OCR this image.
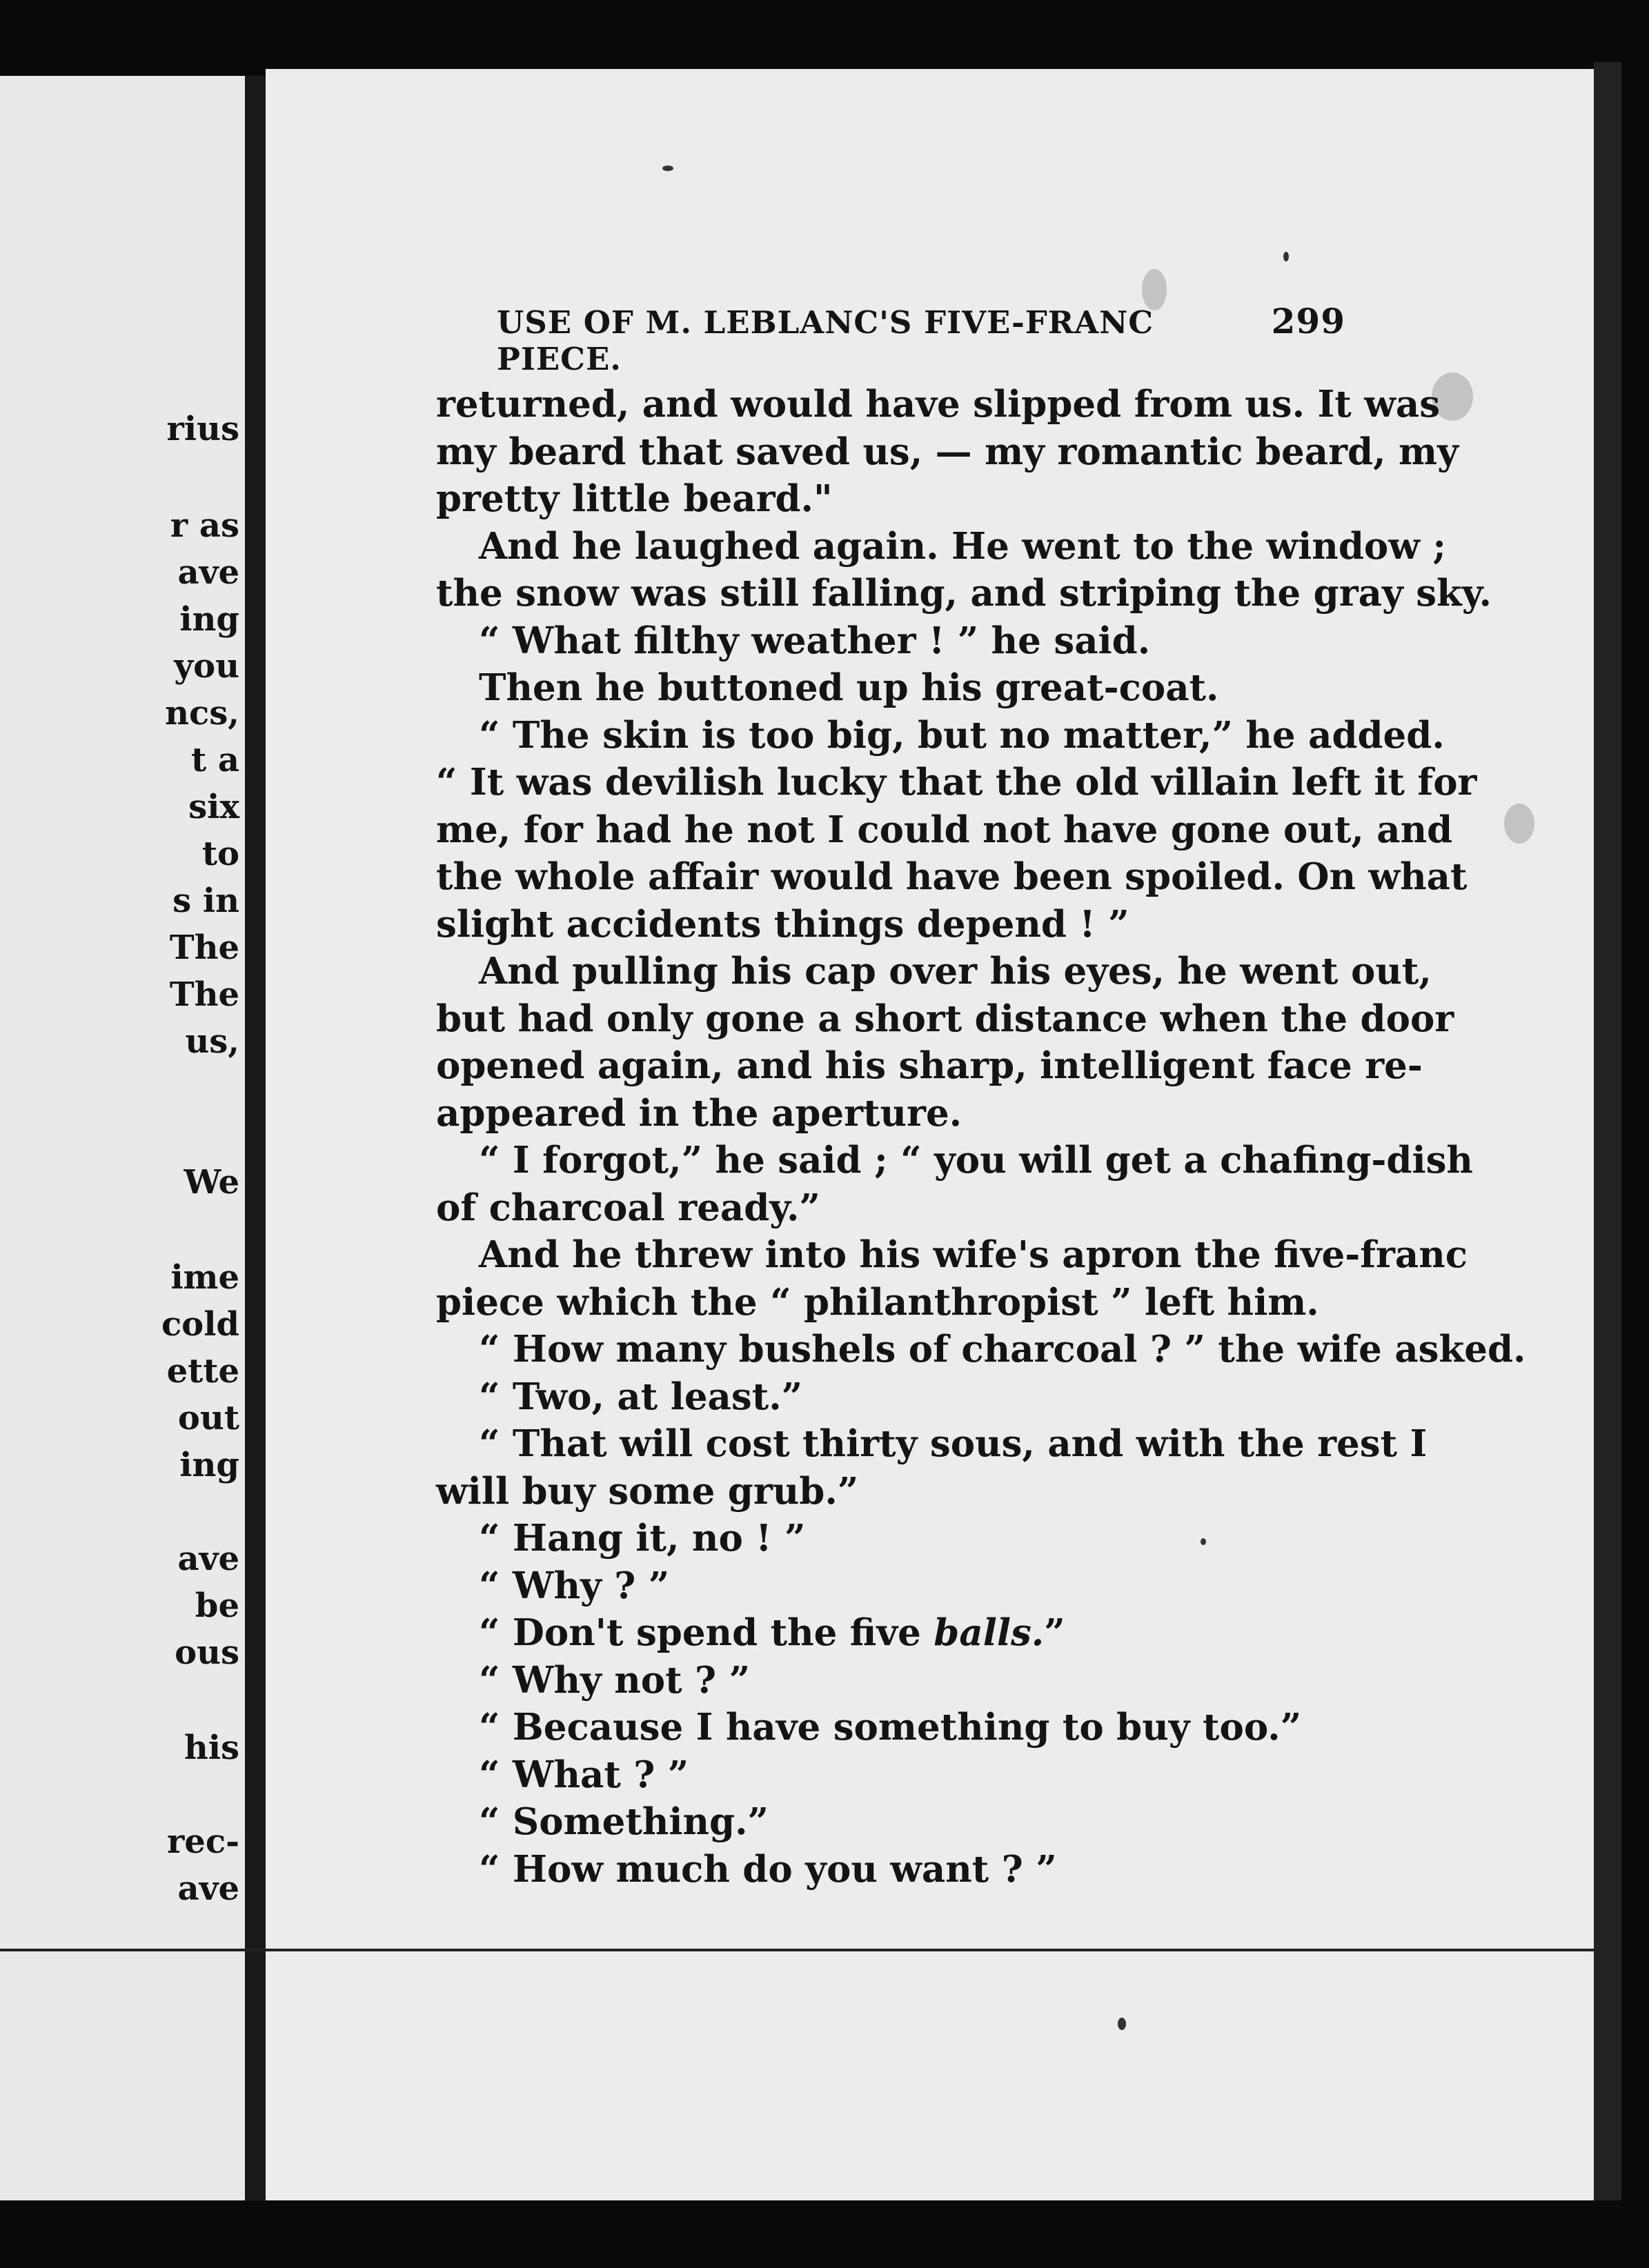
rius
r as
ave
ing
you
ncs,
t a
six
to
s in
The
The
us,
We
ime
cold
ette
out
ing
ave
be
ous
his
rec-
ave
USE OF M. LEBLANC'S FIVE-FRANC PIECE.
299
returned, and would have slipped from us. It was
my beard that saved us, — my romantic beard, my
pretty little beard."
And he laughed again. He went to the window ;
the snow was still falling, and striping the gray sky.
“ What filthy weather ! ” he said.
Then he buttoned up his great-coat.
“ The skin is too big, but no matter,” he added.
“ It was devilish lucky that the old villain left it for
me, for had he not I could not have gone out, and
the whole affair would have been spoiled. On what
slight accidents things depend ! ”
And pulling his cap over his eyes, he went out,
but had only gone a short distance when the door
opened again, and his sharp, intelligent face re-
appeared in the aperture.
“ I forgot,” he said ; “ you will get a chafing-dish
of charcoal ready.”
And he threw into his wife's apron the five-franc
piece which the “ philanthropist ” left him.
“ How many bushels of charcoal ? ” the wife asked.
“ Two, at least.”
“ That will cost thirty sous, and with the rest I
will buy some grub.”
“ Hang it, no ! ”
“ Why ? ”
“ Don't spend the five balls.”
“ Why not ? ”
“ Because I have something to buy too.”
“ What ? ”
“ Something.”
“ How much do you want ? ”
